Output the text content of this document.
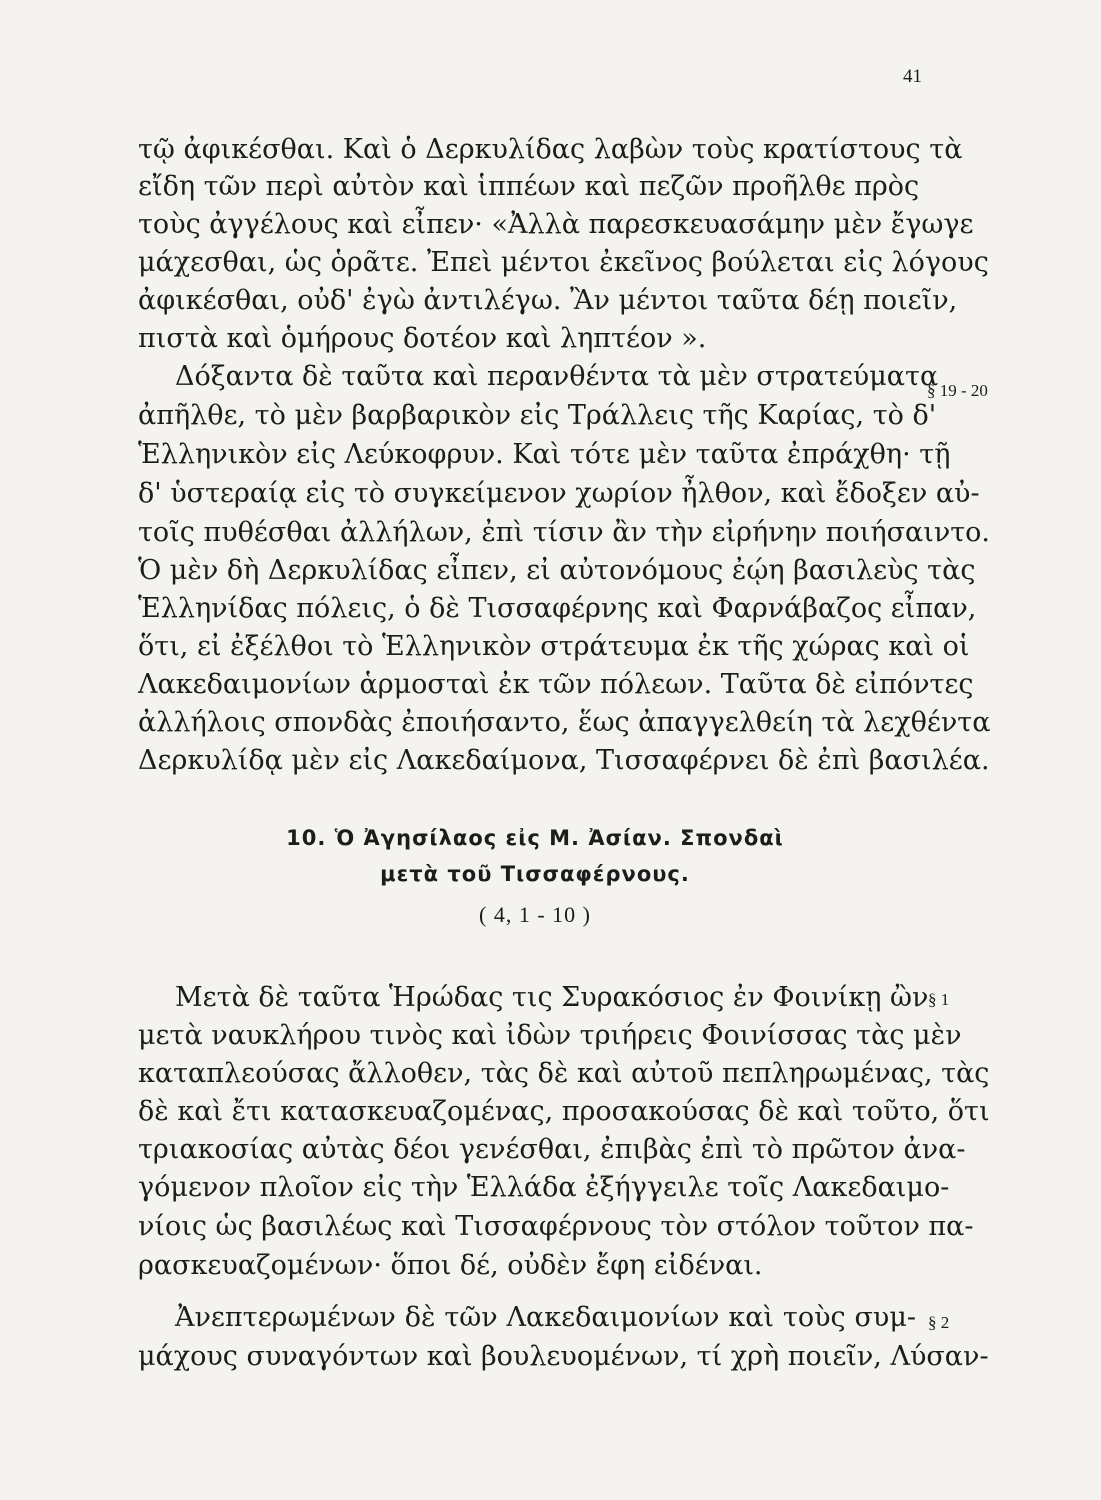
41
τῷ ἀφικέσθαι. Καὶ ὁ Δερκυλίδας λαβὼν τοὺς κρατίστους τὰ
εἴδη τῶν περὶ αὐτὸν καὶ ἱππέων καὶ πεζῶν προῆλθε πρὸς
τοὺς ἀγγέλους καὶ εἶπεν· «Ἀλλὰ παρεσκευασάμην μὲν ἔγωγε
μάχεσθαι, ὡς ὁρᾶτε. Ἐπεὶ μέντοι ἐκεῖνος βούλεται εἰς λόγους
ἀφικέσθαι, οὐδ' ἐγὼ ἀντιλέγω. Ἂν μέντοι ταῦτα δέῃ ποιεῖν,
πιστὰ καὶ ὁμήρους δοτέον καὶ ληπτέον ».
Δόξαντα δὲ ταῦτα καὶ περανθέντα τὰ μὲν στρατεύματα
§ 19 - 20
ἀπῆλθε, τὸ μὲν βαρβαρικὸν εἰς Τράλλεις τῆς Καρίας, τὸ δ'
Ἑλληνικὸν εἰς Λεύκοφρυν. Καὶ τότε μὲν ταῦτα ἐπράχθη· τῇ
δ' ὑστεραίᾳ εἰς τὸ συγκείμενον χωρίον ἦλθον, καὶ ἔδοξεν αὐ-
τοῖς πυθέσθαι ἀλλήλων, ἐπὶ τίσιν ἂν τὴν εἰρήνην ποιήσαιντο.
Ὁ μὲν δὴ Δερκυλίδας εἶπεν, εἰ αὐτονόμους ἐῴη βασιλεὺς τὰς
Ἑλληνίδας πόλεις, ὁ δὲ Τισσαφέρνης καὶ Φαρνάβαζος εἶπαν,
ὅτι, εἰ ἐξέλθοι τὸ Ἑλληνικὸν στράτευμα ἐκ τῆς χώρας καὶ οἱ
Λακεδαιμονίων ἁρμοσταὶ ἐκ τῶν πόλεων. Ταῦτα δὲ εἰπόντες
ἀλλήλοις σπονδὰς ἐποιήσαντο, ἕως ἀπαγγελθείη τὰ λεχθέντα
Δερκυλίδᾳ μὲν εἰς Λακεδαίμονα, Τισσαφέρνει δὲ ἐπὶ βασιλέα.
10. Ὁ Ἀγησίλαος εἰς Μ. Ἀσίαν. Σπονδαὶ
μετὰ τοῦ Τισσαφέρνους.
( 4, 1 - 10 )
Μετὰ δὲ ταῦτα Ἡρώδας τις Συρακόσιος ἐν Φοινίκῃ ὢν § 1
μετὰ ναυκλήρου τινὸς καὶ ἰδὼν τριήρεις Φοινίσσας τὰς μὲν
καταπλεούσας ἄλλοθεν, τὰς δὲ καὶ αὐτοῦ πεπληρωμένας, τὰς
δὲ καὶ ἔτι κατασκευαζομένας, προσακούσας δὲ καὶ τοῦτο, ὅτι
τριακοσίας αὐτὰς δέοι γενέσθαι, ἐπιβὰς ἐπὶ τὸ πρῶτον ἀνα-
γόμενον πλοῖον εἰς τὴν Ἑλλάδα ἐξήγγειλε τοῖς Λακεδαιμο-
νίοις ὡς βασιλέως καὶ Τισσαφέρνους τὸν στόλον τοῦτον πα-
ρασκευαζομένων· ὅποι δέ, οὐδὲν ἔφη εἰδέναι.
Ἀνεπτερωμένων δὲ τῶν Λακεδαιμονίων καὶ τοὺς συμ- § 2
μάχους συναγόντων καὶ βουλευομένων, τί χρὴ ποιεῖν, Λύσαν-
